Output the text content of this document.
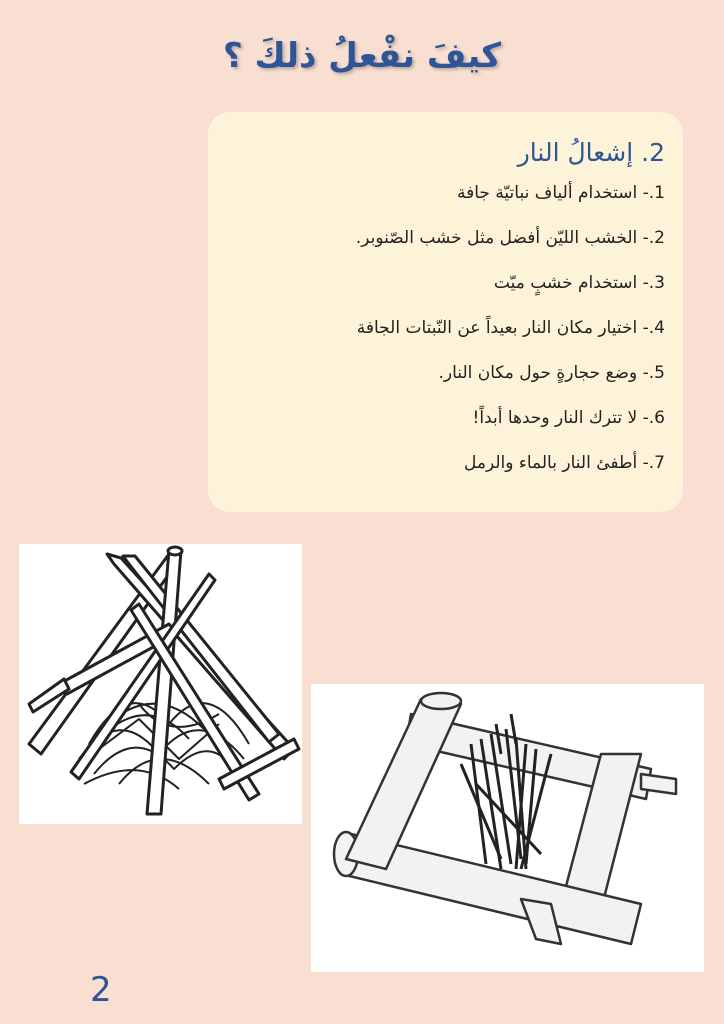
كيفَ نفْعلُ ذلكَ ؟
2. إشعالُ النار
1.- استخدام ألياف نباتيّة جافة
2.- الخشب الليّن أفضل مثل خشب الصّنوبر.
3.- استخدام خشبٍ ميّت
4.- اختيار مكان النار بعيداً عن النّبتات الجافة
5.- وضع حجارةٍ حول مكان النار.
6.- لا تترك النار وحدها أبداً!
7.- أطفئ النار بالماء والرمل
2
